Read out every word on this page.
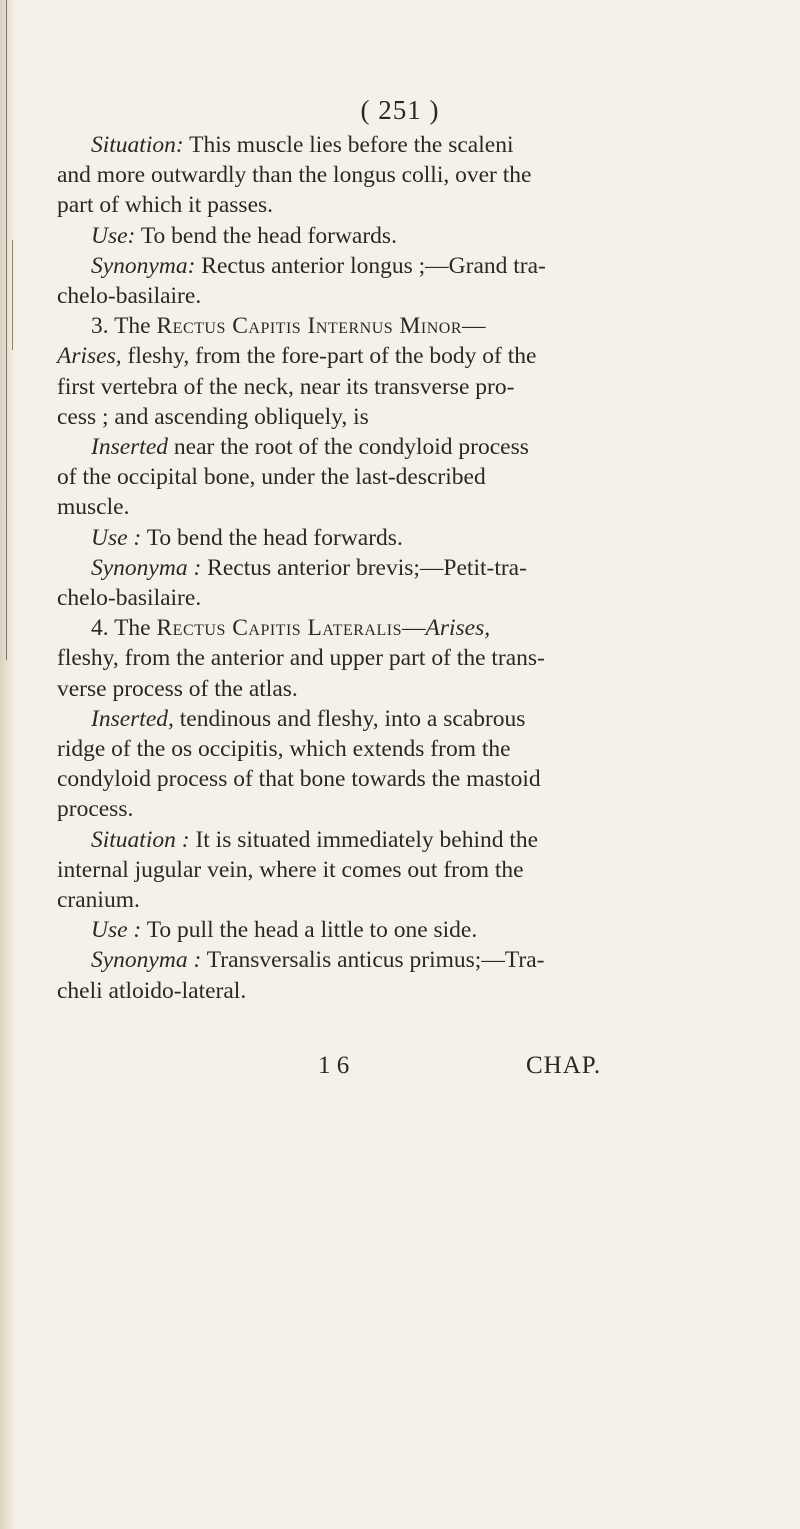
( 251 )
Situation: This muscle lies before the scaleni
and more outwardly than the longus colli, over the
part of which it passes.
Use: To bend the head forwards.
Synonyma: Rectus anterior longus ;—Grand tra-
chelo-basilaire.
3. The Rectus Capitis Internus Minor—
Arises, fleshy, from the fore-part of the body of the
first vertebra of the neck, near its transverse pro-
cess ; and ascending obliquely, is
Inserted near the root of the condyloid process
of the occipital bone, under the last-described
muscle.
Use : To bend the head forwards.
Synonyma : Rectus anterior brevis;—Petit-tra-
chelo-basilaire.
4. The Rectus Capitis Lateralis—Arises,
fleshy, from the anterior and upper part of the trans-
verse process of the atlas.
Inserted, tendinous and fleshy, into a scabrous
ridge of the os occipitis, which extends from the
condyloid process of that bone towards the mastoid
process.
Situation : It is situated immediately behind the
internal jugular vein, where it comes out from the
cranium.
Use : To pull the head a little to one side.
Synonyma : Transversalis anticus primus;—Tra-
cheli atloido-lateral.
1 6	CHAP.
